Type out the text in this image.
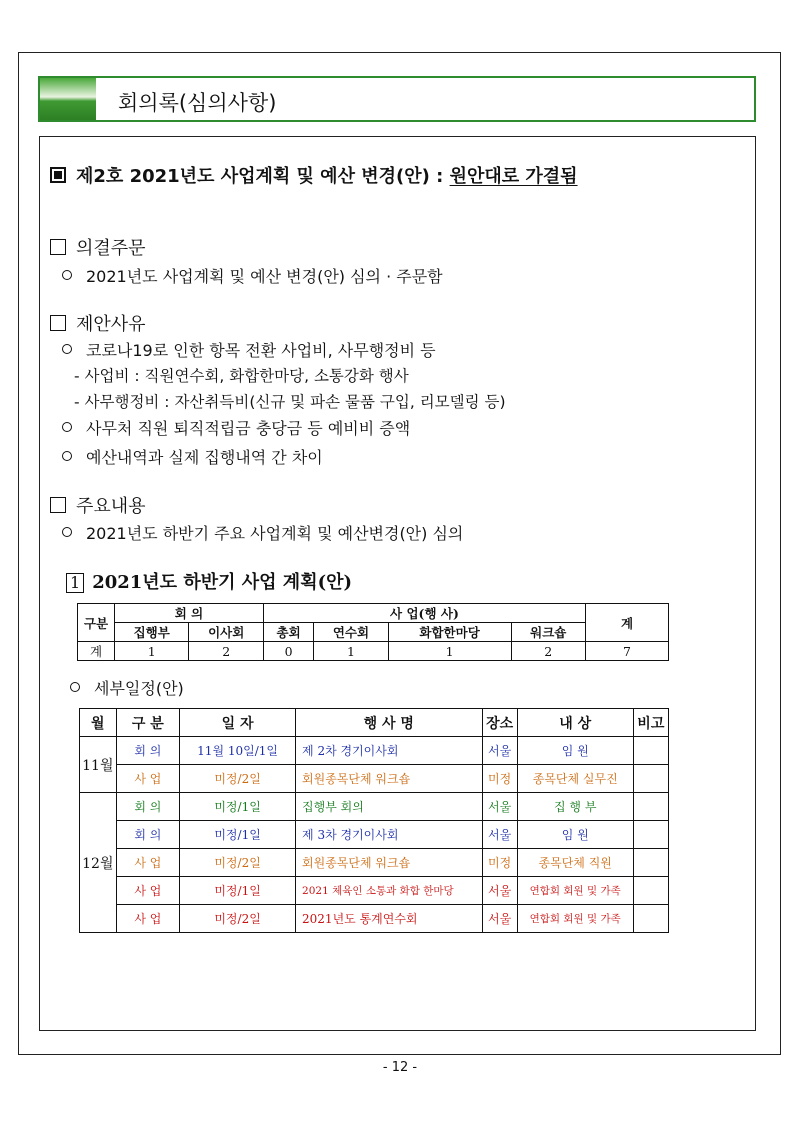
회의록(심의사항)
제2호 2021년도 사업계획 및 예산 변경(안) : 원안대로 가결됨
의결주문
2021년도 사업계획 및 예산 변경(안) 심의 · 주문함
제안사유
코로나19로 인한 항목 전환 사업비, 사무행정비 등
- 사업비 : 직원연수회, 화합한마당, 소통강화 행사
- 사무행정비 : 자산취득비(신규 및 파손 물품 구입, 리모델링 등)
사무처 직원 퇴직적립금 충당금 등 예비비 증액
예산내역과 실제 집행내역 간 차이
주요내용
2021년도 하반기 주요 사업계획 및 예산변경(안) 심의
1 2021년도 하반기 사업 계획(안)
구분	회 의		사 업(행 사)				계
	집행부	이사회	총회	연수회	화합한마당	워크숍	
계	1	2	0	1	1	2	7
세부일정(안)
월	구 분	일 자	행 사 명	장소	내 상	비고
11월	회 의	11월 10일/1일	제 2차 경기이사회	서울	임 원	
	사 업	미정/2일	회원종목단체 워크숍	미정	종목단체 실무진	
12월	회 의	미정/1일	집행부 회의	서울	집 행 부	
	회 의	미정/1일	제 3차 경기이사회	서울	임 원	
	사 업	미정/2일	회원종목단체 워크숍	미정	종목단체 직원	
	사 업	미정/1일	2021 체육인 소통과 화합 한마당	서울	연합회 회원 및 가족	
	사 업	미정/2일	2021년도 통계연수회	서울	연합회 회원 및 가족	
- 12 -
